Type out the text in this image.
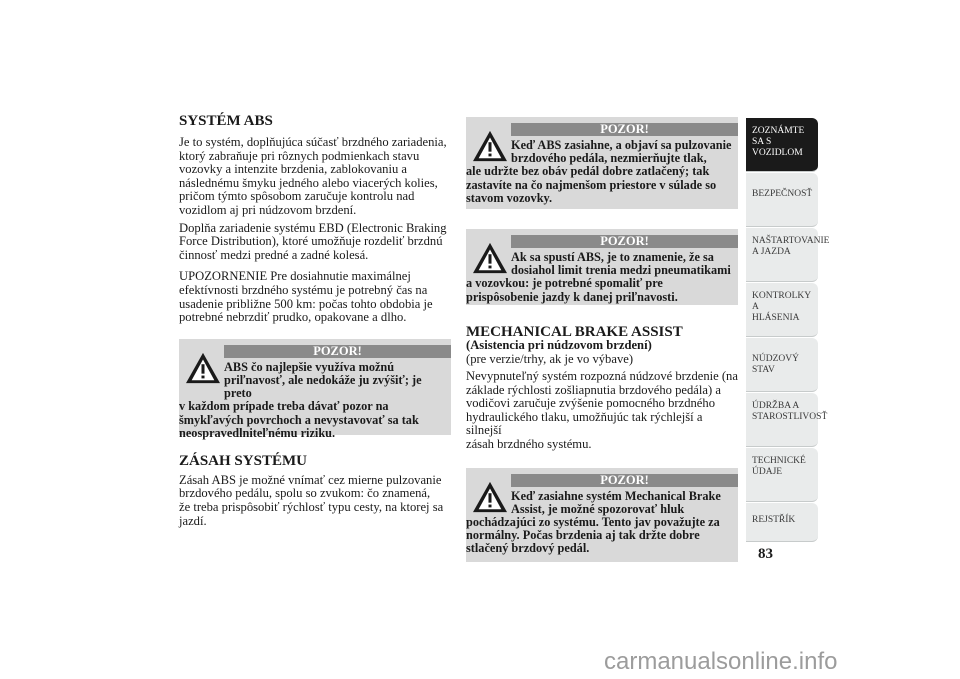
SYSTÉM ABS

Je to systém, doplňujúca súčasť brzdného zariadenia,
ktorý zabraňuje pri rôznych podmienkach stavu
vozovky a intenzite brzdenia, zablokovaniu a
následnému šmyku jedného alebo viacerých kolies,
pričom týmto spôsobom zaručuje kontrolu nad
vozidlom aj pri núdzovom brzdení.

Doplňa zariadenie systému EBD (Electronic Braking
Force Distribution), ktoré umožňuje rozdeliť brzdnú
činnosť medzi predné a zadné kolesá.

UPOZORNENIE Pre dosiahnutie maximálnej
efektívnosti brzdného systému je potrebný čas na
usadenie približne 500 km: počas tohto obdobia je
potrebné nebrzdiť prudko, opakovane a dlho.

POZOR!
ABS čo najlepšie využíva možnú
priľnavosť, ale nedokáže ju zvýšiť; je preto
v každom prípade treba dávať pozor na
šmykľavých povrchoch a nevystavovať sa tak
neospravedlniteľnému riziku.
ZÁSAH SYSTÉMU

Zásah ABS je možné vnímať cez mierne pulzovanie
brzdového pedálu, spolu so zvukom: čo znamená,
že treba prispôsobiť rýchlosť typu cesty, na ktorej sa
jazdí.

POZOR!
Keď ABS zasiahne, a objaví sa pulzovanie
brzdového pedála, nezmierňujte tlak,
ale udržte bez obáv pedál dobre zatlačený; tak
zastavíte na čo najmenšom priestore v súlade so
stavom vozovky.
POZOR!
Ak sa spustí ABS, je to znamenie, že sa
dosiahol limit trenia medzi pneumatikami
a vozovkou: je potrebné spomaliť pre
prispôsobenie jazdy k danej priľnavosti.
MECHANICAL BRAKE ASSIST
(Asistencia pri núdzovom brzdení)
(pre verzie/trhy, ak je vo výbave)

Nevypnuteľný systém rozpozná núdzové brzdenie (na
základe rýchlosti zošliapnutia brzdového pedála) a
vodičovi zaručuje zvýšenie pomocného brzdného
hydraulického tlaku, umožňujúc tak rýchlejší a silnejší
zásah brzdného systému.

POZOR!
Keď zasiahne systém Mechanical Brake
Assist, je možné spozorovať hluk
pochádzajúci zo systému. Tento jav považujte za
normálny. Počas brzdenia aj tak držte dobre
stlačený brzdový pedál.
ZOZNÁMTE SA S
VOZIDLOM
BEZPEČNOSŤ
NAŠTARTOVANIE
A JAZDA
KONTROLKY A
HLÁSENIA
NÚDZOVÝ STAV
ÚDRŽBA A
STAROSTLIVOSŤ
TECHNICKÉ
ÚDAJE
REJSTŘÍK
83
carmanualsonline.info
